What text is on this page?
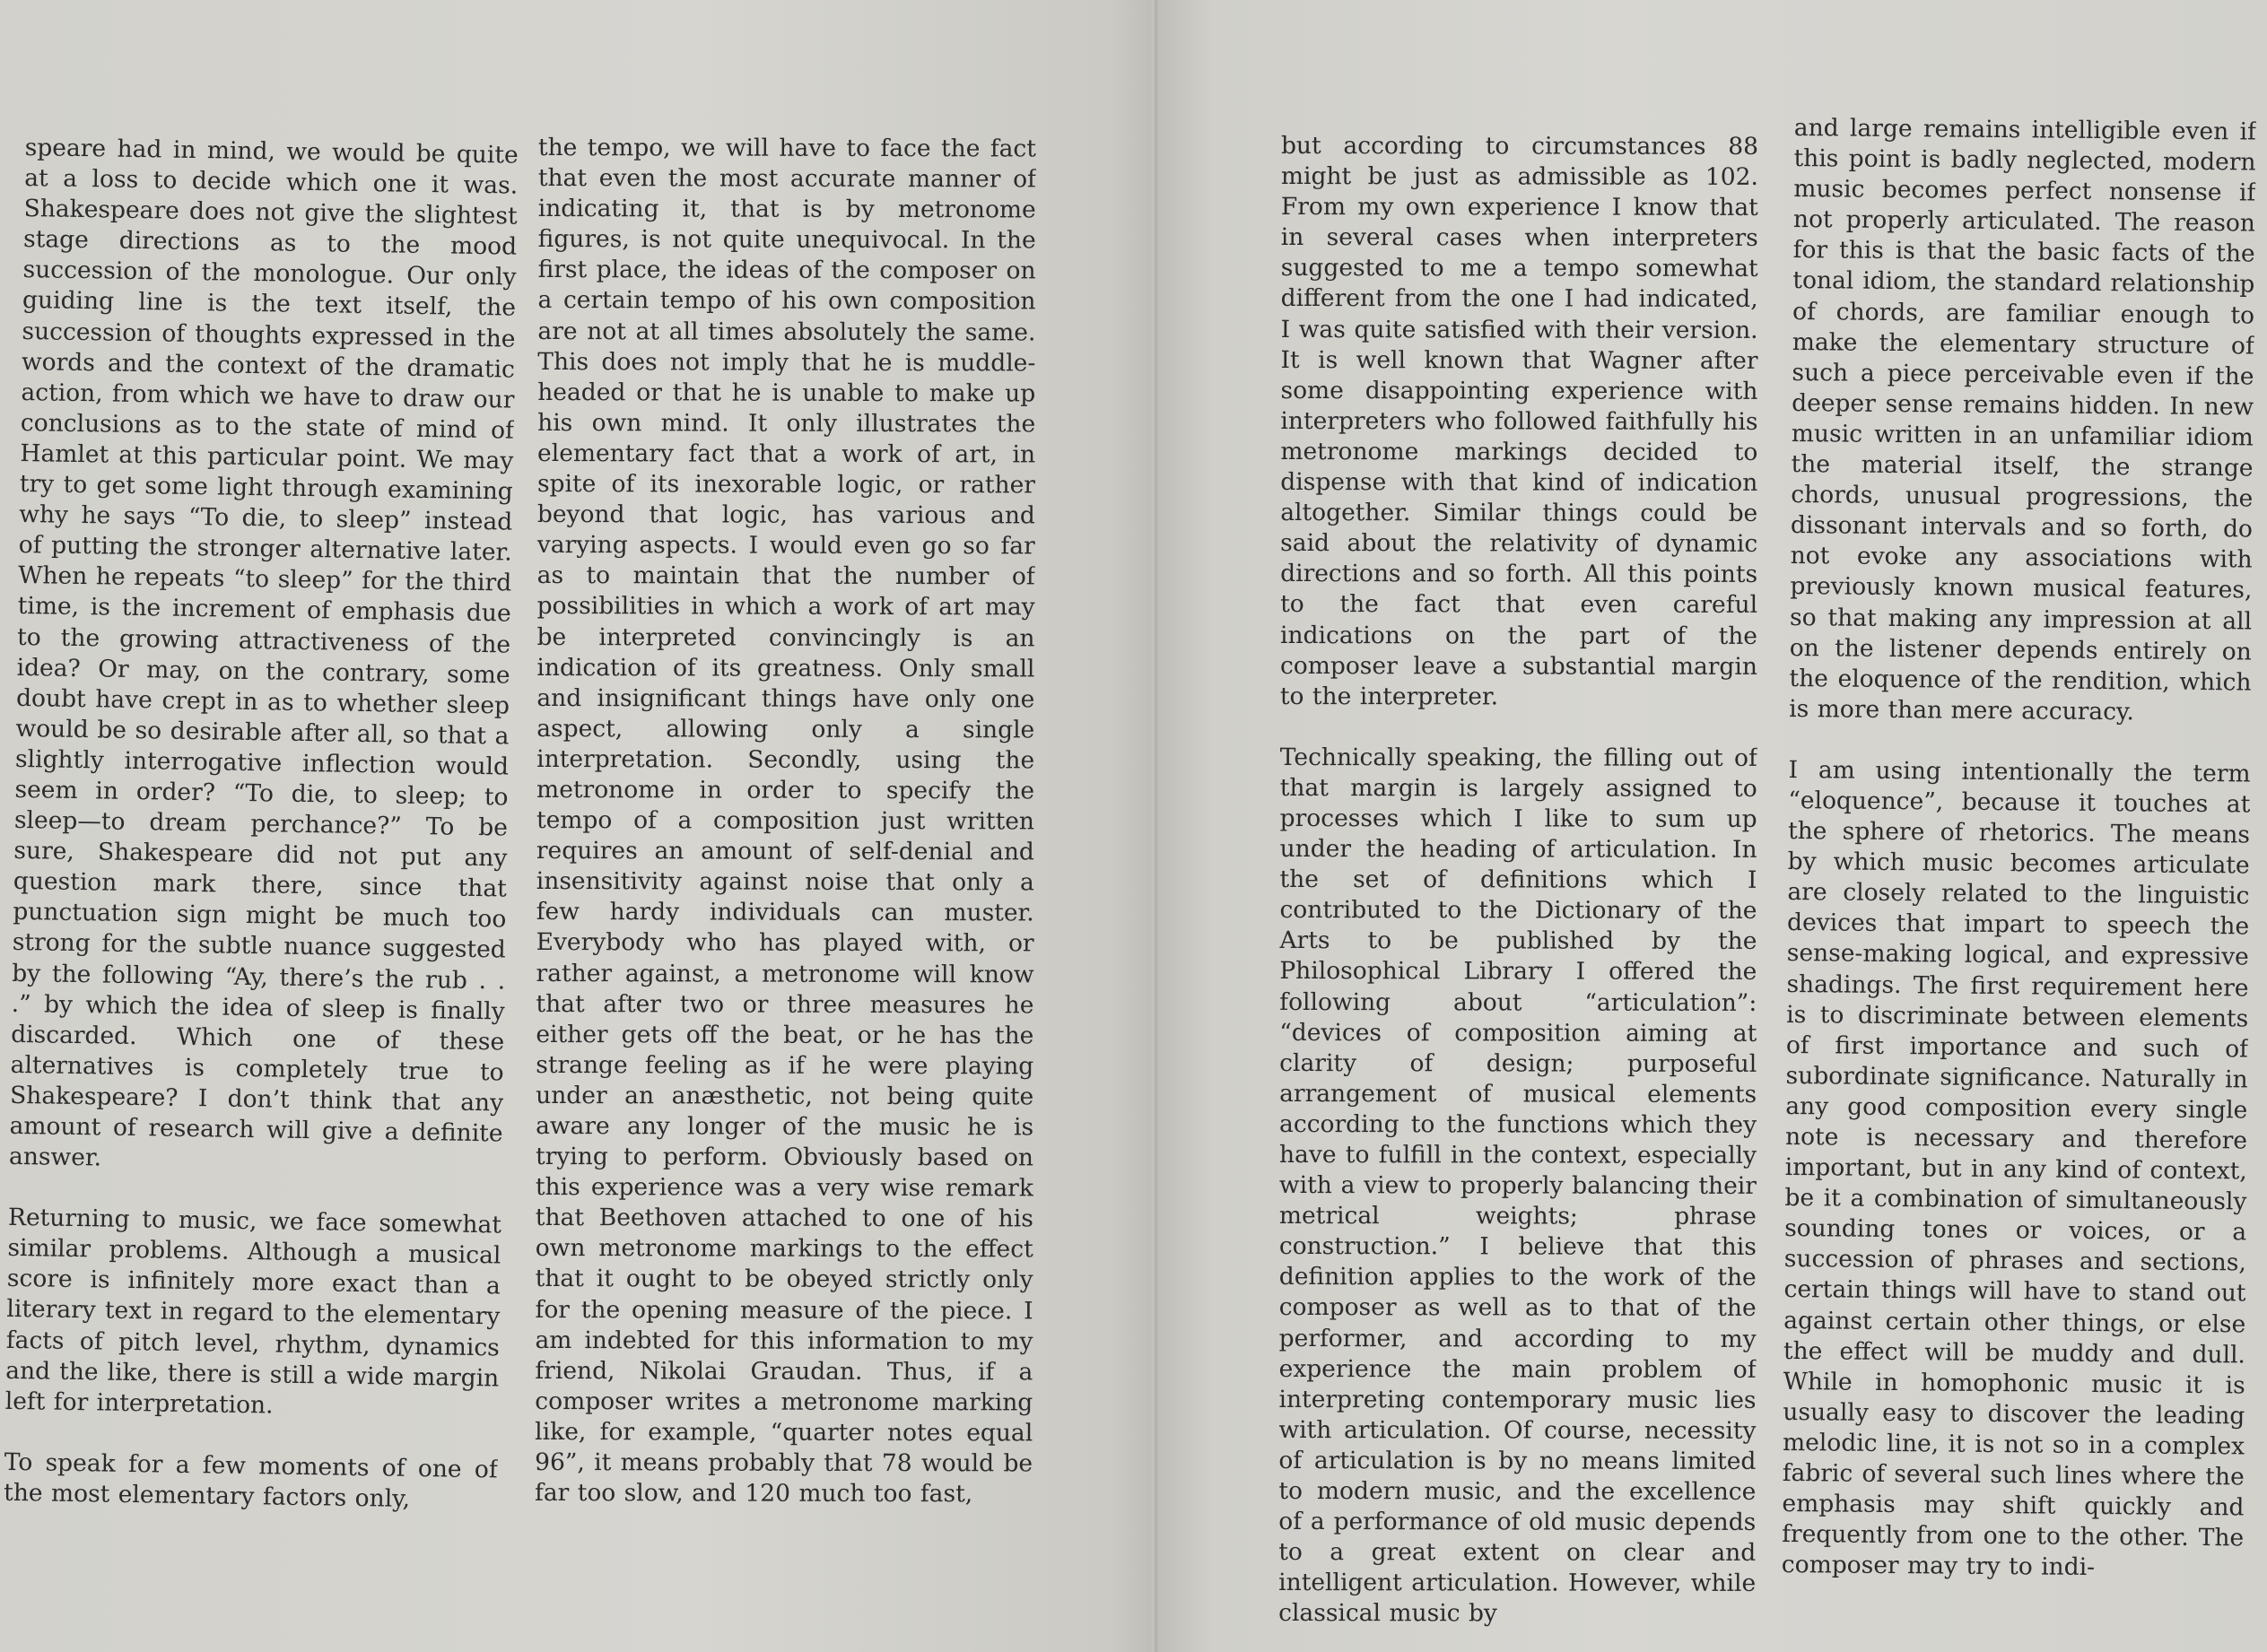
speare had in mind, we would be quite at a loss to decide which one it was. Shakespeare does not give the slightest stage directions as to the mood succession of the monologue. Our only guiding line is the text itself, the succession of thoughts expressed in the words and the context of the dramatic action, from which we have to draw our conclusions as to the state of mind of Hamlet at this particular point. We may try to get some light through examining why he says “To die, to sleep” instead of putting the stronger alternative later. When he repeats “to sleep” for the third time, is the increment of emphasis due to the growing attractiveness of the idea? Or may, on the contrary, some doubt have crept in as to whether sleep would be so desirable after all, so that a slightly interrogative inflection would seem in order? “To die, to sleep; to sleep—to dream perchance?” To be sure, Shakespeare did not put any question mark there, since that punctuation sign might be much too strong for the subtle nuance suggested by the following “Ay, there’s the rub . . .” by which the idea of sleep is finally discarded. Which one of these alternatives is completely true to Shakespeare? I don’t think that any amount of research will give a definite answer.

Returning to music, we face somewhat similar problems. Although a musical score is infinitely more exact than a literary text in regard to the elementary facts of pitch level, rhythm, dynamics and the like, there is still a wide margin left for interpretation.

To speak for a few moments of one of the most elementary factors only,

the tempo, we will have to face the fact that even the most accurate manner of indicating it, that is by metronome figures, is not quite unequivocal. In the first place, the ideas of the composer on a certain tempo of his own composition are not at all times absolutely the same. This does not imply that he is muddle-headed or that he is unable to make up his own mind. It only illustrates the elementary fact that a work of art, in spite of its inexorable logic, or rather beyond that logic, has various and varying aspects. I would even go so far as to maintain that the number of possibilities in which a work of art may be interpreted convincingly is an indication of its greatness. Only small and insignificant things have only one aspect, allowing only a single interpretation. Secondly, using the metronome in order to specify the tempo of a composition just written requires an amount of self-denial and insensitivity against noise that only a few hardy individuals can muster. Everybody who has played with, or rather against, a metronome will know that after two or three measures he either gets off the beat, or he has the strange feeling as if he were playing under an anæsthetic, not being quite aware any longer of the music he is trying to perform. Obviously based on this experience was a very wise remark that Beethoven attached to one of his own metronome markings to the effect that it ought to be obeyed strictly only for the opening measure of the piece. I am indebted for this information to my friend, Nikolai Graudan. Thus, if a composer writes a metronome marking like, for example, “quarter notes equal 96”, it means probably that 78 would be far too slow, and 120 much too fast,

but according to circumstances 88 might be just as admissible as 102. From my own experience I know that in several cases when interpreters suggested to me a tempo somewhat different from the one I had indicated, I was quite satisfied with their version. It is well known that Wagner after some disappointing experience with interpreters who followed faithfully his metronome markings decided to dispense with that kind of indication altogether. Similar things could be said about the relativity of dynamic directions and so forth. All this points to the fact that even careful indications on the part of the composer leave a substantial margin to the interpreter.

Technically speaking, the filling out of that margin is largely assigned to processes which I like to sum up under the heading of articulation. In the set of definitions which I contributed to the Dictionary of the Arts to be published by the Philosophical Library I offered the following about “articulation”: “devices of composition aiming at clarity of design; purposeful arrangement of musical elements according to the functions which they have to fulfill in the context, especially with a view to properly balancing their metrical weights; phrase construction.” I believe that this definition applies to the work of the composer as well as to that of the performer, and according to my experience the main problem of interpreting contemporary music lies with articulation. Of course, necessity of articulation is by no means limited to modern music, and the excellence of a performance of old music depends to a great extent on clear and intelligent articulation. However, while classical music by

and large remains intelligible even if this point is badly neglected, modern music becomes perfect nonsense if not properly articulated. The reason for this is that the basic facts of the tonal idiom, the standard relationship of chords, are familiar enough to make the elementary structure of such a piece perceivable even if the deeper sense remains hidden. In new music written in an unfamiliar idiom the material itself, the strange chords, unusual progressions, the dissonant intervals and so forth, do not evoke any associations with previously known musical features, so that making any impression at all on the listener depends entirely on the eloquence of the rendition, which is more than mere accuracy.

I am using intentionally the term “eloquence”, because it touches at the sphere of rhetorics. The means by which music becomes articulate are closely related to the linguistic devices that impart to speech the sense-making logical, and expressive shadings. The first requirement here is to discriminate between elements of first importance and such of subordinate significance. Naturally in any good composition every single note is necessary and therefore important, but in any kind of context, be it a combination of simultaneously sounding tones or voices, or a succession of phrases and sections, certain things will have to stand out against certain other things, or else the effect will be muddy and dull. While in homophonic music it is usually easy to discover the leading melodic line, it is not so in a complex fabric of several such lines where the emphasis may shift quickly and frequently from one to the other. The composer may try to indi-
